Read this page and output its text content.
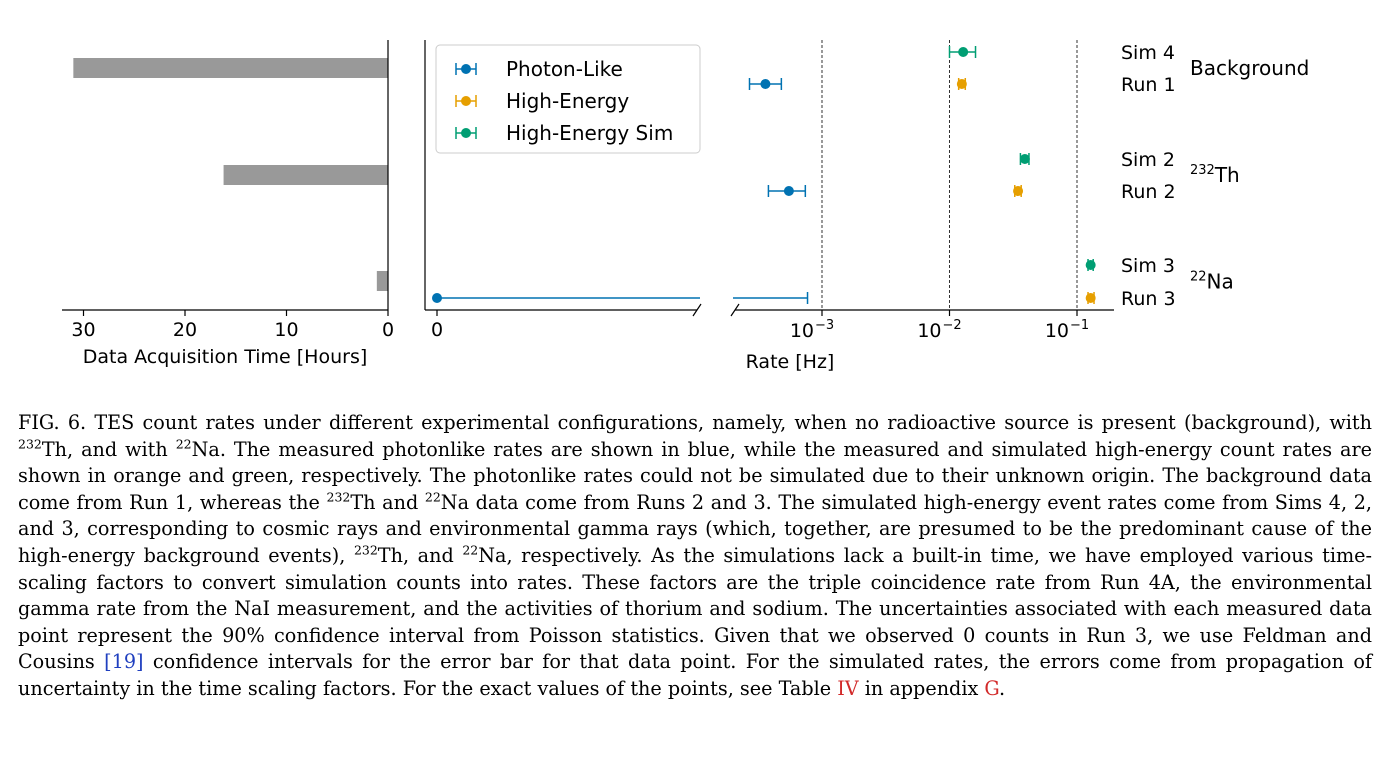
30	20	10	0
Data Acquisition Time [Hours]
0	$10^{-3}$	$10^{-2}$	$10^{-1}$
Rate [Hz]
Photon-Like
High-Energy
High-Energy Sim
Sim 4
Run 1
Background
Sim 2
Run 2
$^{232}$Th
Sim 3
Run 3
$^{22}$Na
FIG. 6. TES count rates under different experimental configurations, namely, when no radioactive source is present (background), with $^{232}$Th, and with $^{22}$Na. The measured photonlike rates are shown in blue, while the measured and simulated high-energy count rates are shown in orange and green, respectively. The photonlike rates could not be simulated due to their unknown origin. The background data come from Run 1, whereas the $^{232}$Th and $^{22}$Na data come from Runs 2 and 3. The simulated high-energy event rates come from Sims 4, 2, and 3, corresponding to cosmic rays and environmental gamma rays (which, together, are presumed to be the predominant cause of the high-energy background events), $^{232}$Th, and $^{22}$Na, respectively. As the simulations lack a built-in time, we have employed various time-scaling factors to convert simulation counts into rates. These factors are the triple coincidence rate from Run 4A, the environmental gamma rate from the NaI measurement, and the activities of thorium and sodium. The uncertainties associated with each measured data point represent the 90% confidence interval from Poisson statistics. Given that we observed 0 counts in Run 3, we use Feldman and Cousins [19] confidence intervals for the error bar for that data point. For the simulated rates, the errors come from propagation of uncertainty in the time scaling factors. For the exact values of the points, see Table IV in appendix G.
